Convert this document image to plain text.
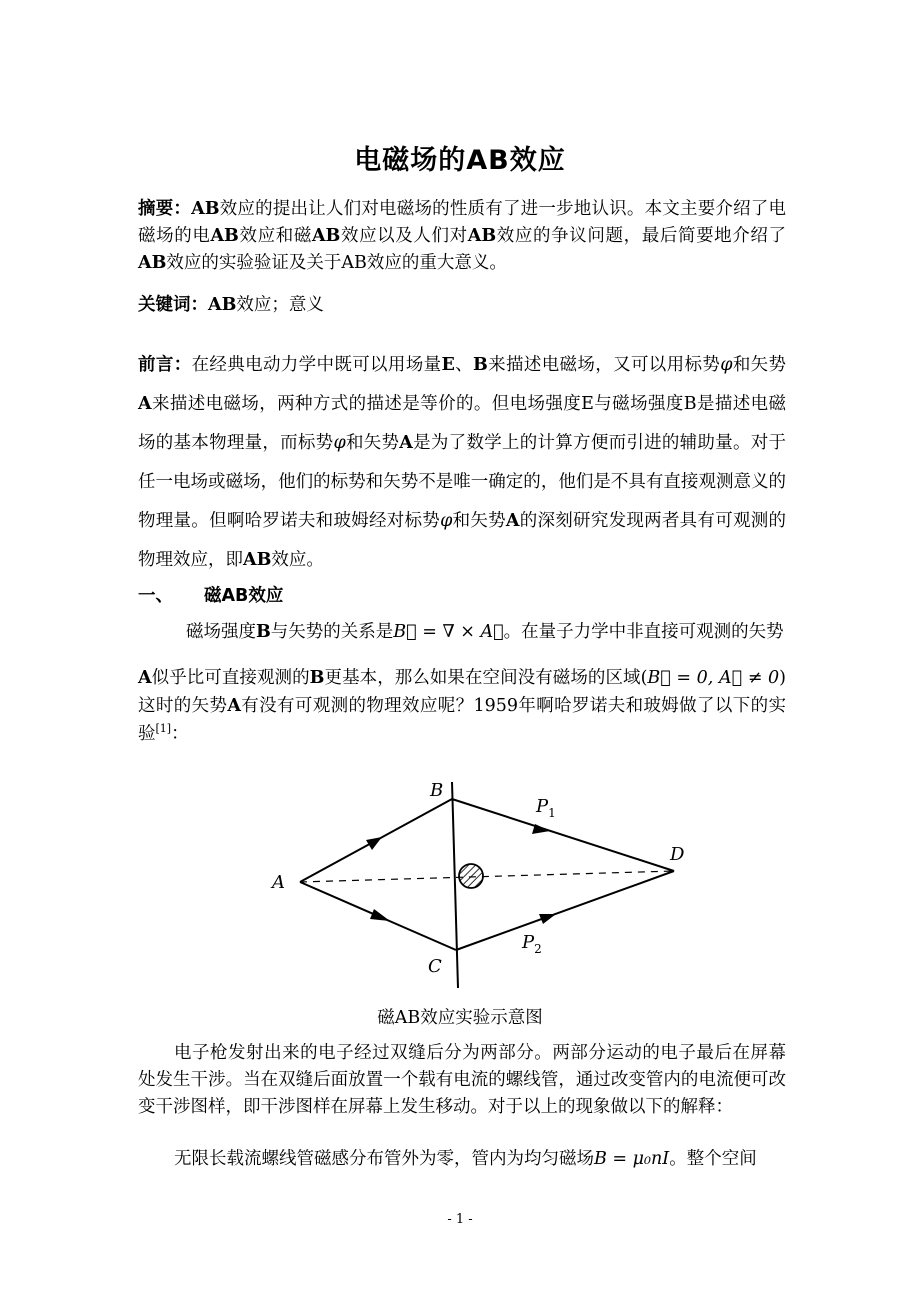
电磁场的AB效应

摘要：AB效应的提出让人们对电磁场的性质有了进一步地认识。本文主要介绍了电磁场的电AB效应和磁AB效应以及人们对AB效应的争议问题，最后简要地介绍了AB效应的实验验证及关于AB效应的重大意义。

关键词：AB效应；意义

前言：在经典电动力学中既可以用场量E、B来描述电磁场，又可以用标势φ和矢势A来描述电磁场，两种方式的描述是等价的。但电场强度E与磁场强度B是描述电磁场的基本物理量，而标势φ和矢势A是为了数学上的计算方便而引进的辅助量。对于任一电场或磁场，他们的标势和矢势不是唯一确定的，他们是不具有直接观测意义的物理量。但啊哈罗诺夫和玻姆经对标势φ和矢势A的深刻研究发现两者具有可观测的物理效应，即AB效应。

一、 磁AB效应

磁场强度B与矢势的关系是B⃗ = ∇ × A⃗。在量子力学中非直接可观测的矢势

A似乎比可直接观测的B更基本，那么如果在空间没有磁场的区域(B⃗ = 0, A⃗ ≠ 0)这时的矢势A有没有可观测的物理效应呢？1959年啊哈罗诺夫和玻姆做了以下的实验[1]：

A
B
C
D
$P_1$
$P_2$
磁AB效应实验示意图

电子枪发射出来的电子经过双缝后分为两部分。两部分运动的电子最后在屏幕处发生干涉。当在双缝后面放置一个载有电流的螺线管，通过改变管内的电流便可改变干涉图样，即干涉图样在屏幕上发生移动。对于以上的现象做以下的解释：

无限长载流螺线管磁感分布管外为零，管内为均匀磁场B = μ₀nI。整个空间

- 1 -
